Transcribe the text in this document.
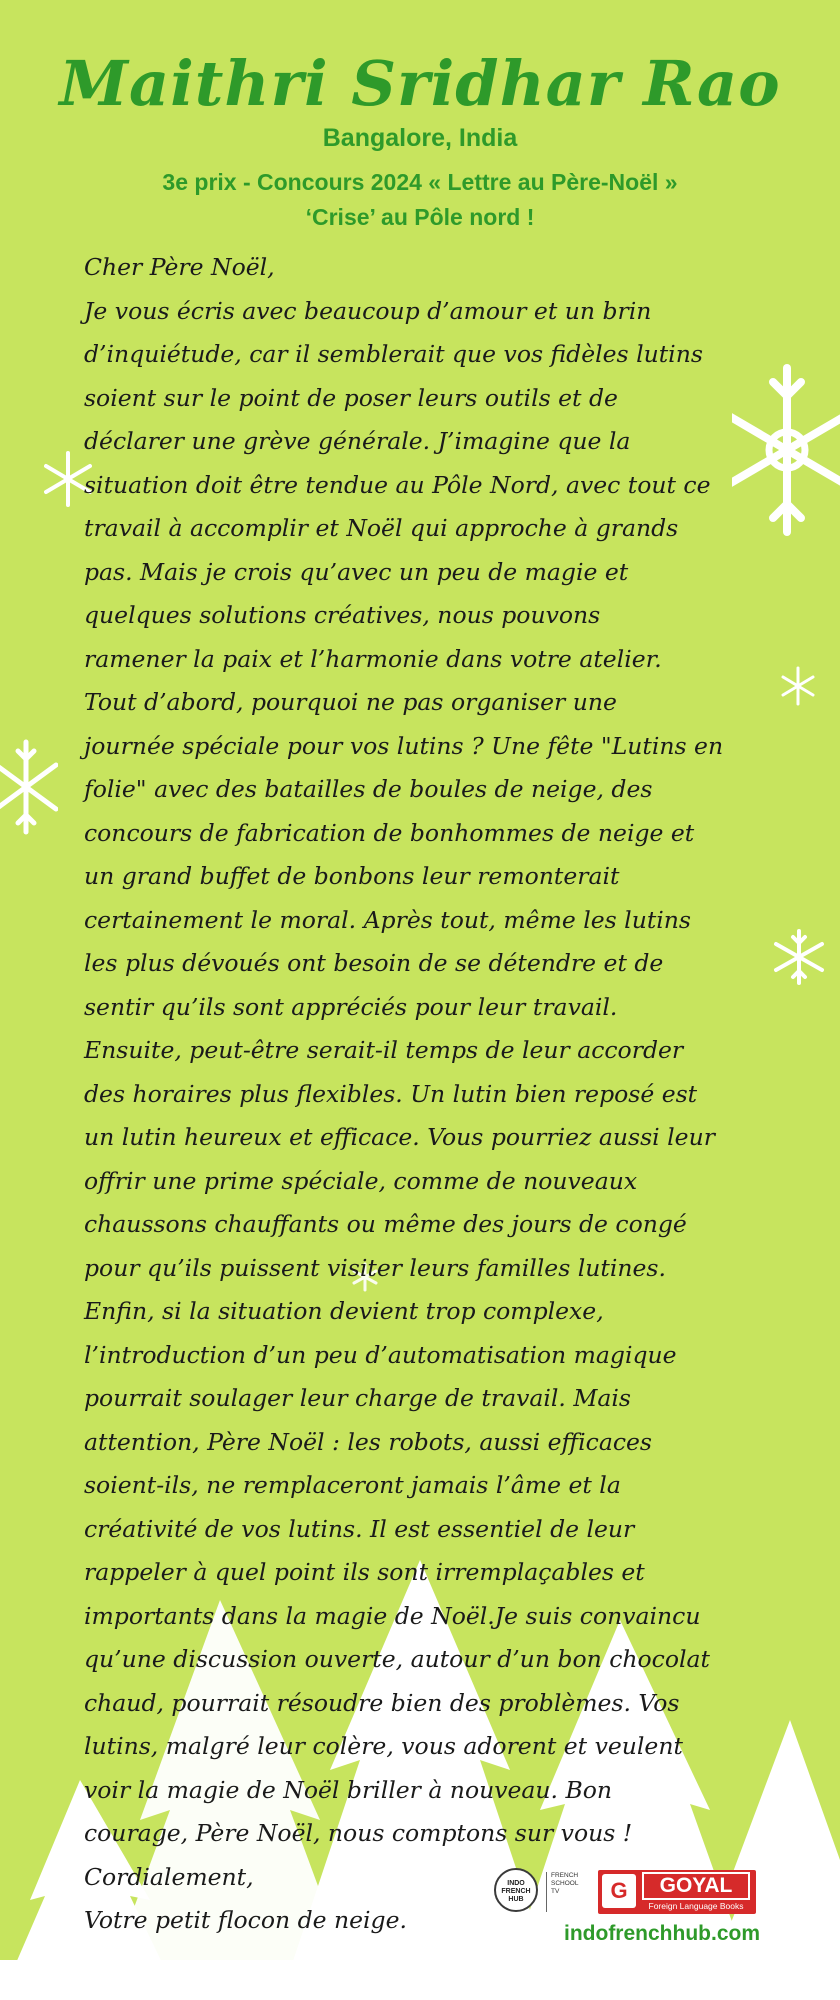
Maithri Sridhar Rao
Bangalore, India
3e prix - Concours 2024 « Lettre au Père-Noël »
‘Crise’ au Pôle nord !
Cher Père Noël,
Je vous écris avec beaucoup d’amour et un brin
d’inquiétude, car il semblerait que vos fidèles lutins
soient sur le point de poser leurs outils et de
déclarer une grève générale. J’imagine que la
situation doit être tendue au Pôle Nord, avec tout ce
travail à accomplir et Noël qui approche à grands
pas. Mais je crois qu’avec un peu de magie et
quelques solutions créatives, nous pouvons
ramener la paix et l’harmonie dans votre atelier.
Tout d’abord, pourquoi ne pas organiser une
journée spéciale pour vos lutins ? Une fête "Lutins en
folie" avec des batailles de boules de neige, des
concours de fabrication de bonhommes de neige et
un grand buffet de bonbons leur remonterait
certainement le moral. Après tout, même les lutins
les plus dévoués ont besoin de se détendre et de
sentir qu’ils sont appréciés pour leur travail.
Ensuite, peut-être serait-il temps de leur accorder
des horaires plus flexibles. Un lutin bien reposé est
un lutin heureux et efficace. Vous pourriez aussi leur
offrir une prime spéciale, comme de nouveaux
chaussons chauffants ou même des jours de congé
pour qu’ils puissent visiter leurs familles lutines.
Enfin, si la situation devient trop complexe,
l’introduction d’un peu d’automatisation magique
pourrait soulager leur charge de travail. Mais
attention, Père Noël : les robots, aussi efficaces
soient-ils, ne remplaceront jamais l’âme et la
créativité de vos lutins. Il est essentiel de leur
rappeler à quel point ils sont irremplaçables et
importants dans la magie de Noël.Je suis convaincu
qu’une discussion ouverte, autour d’un bon chocolat
chaud, pourrait résoudre bien des problèmes. Vos
lutins, malgré leur colère, vous adorent et veulent
voir la magie de Noël briller à nouveau. Bon
courage, Père Noël, nous comptons sur vous !
Cordialement,
Votre petit flocon de neige.
INDO FRENCH HUB
FRENCH SCHOOL TV	G	GOYAL
Foreign Language Books
indofrenchhub.com
